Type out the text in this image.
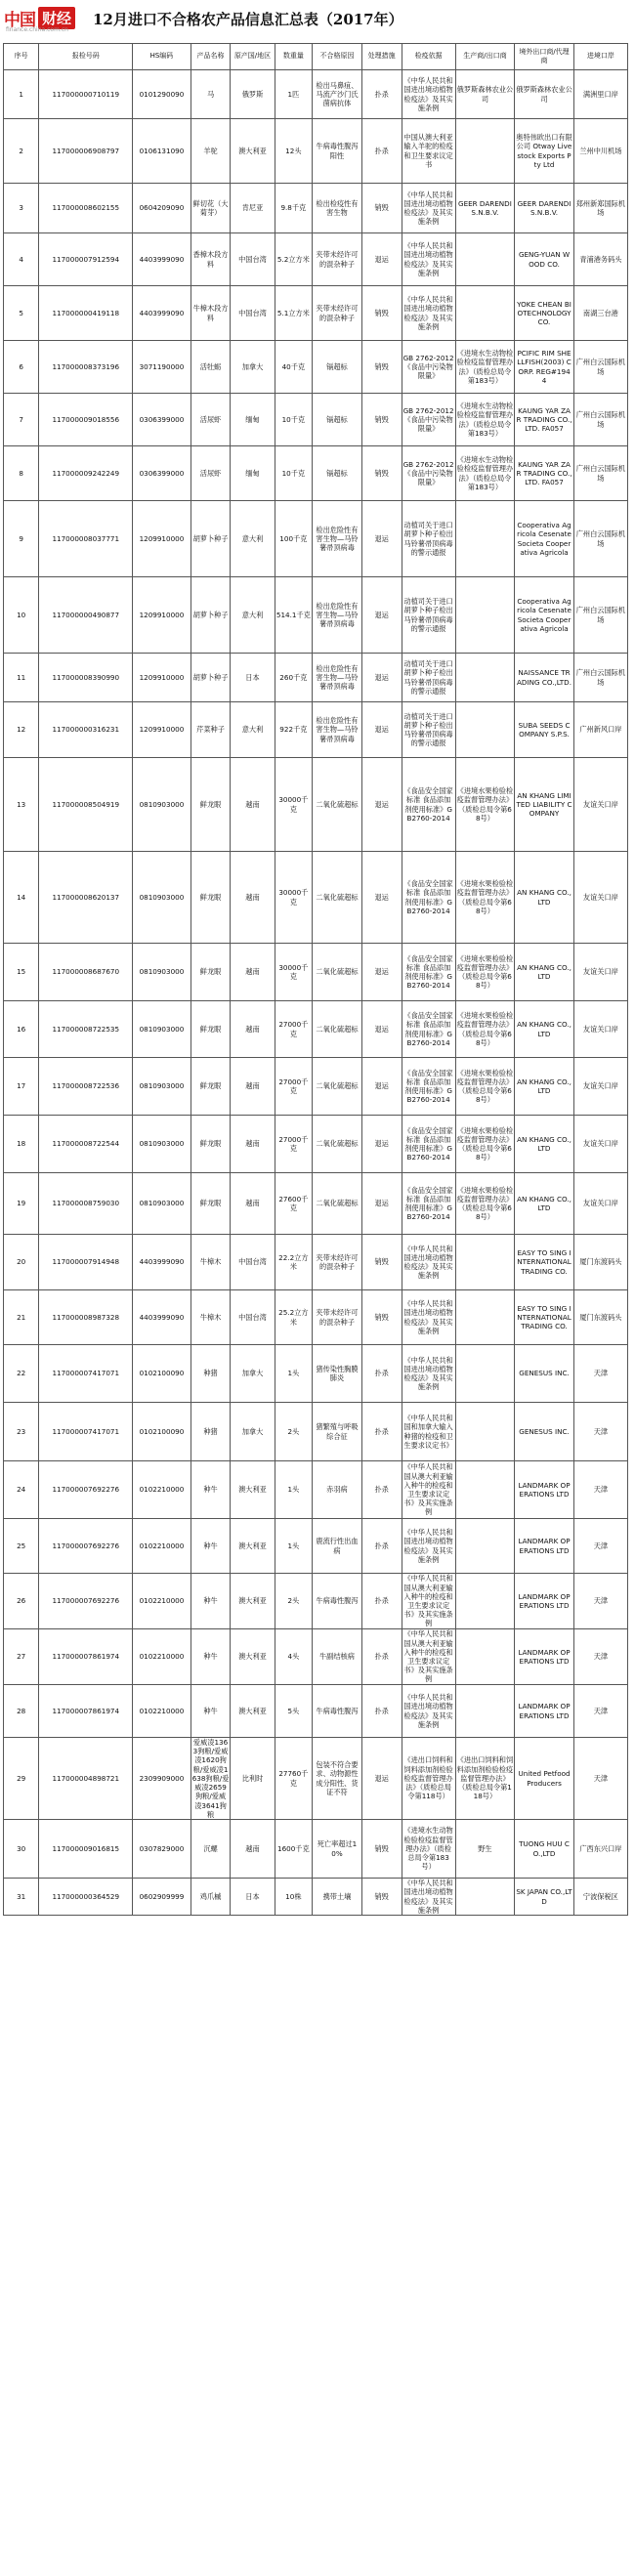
中国 财经
finance.china.com.cn
12月进口不合格农产品信息汇总表（2017年）
序号	报检号码	HS编码	产品名称	原产国/地区	数重量	不合格原因	处理措施	检疫依据	生产商/出口商	境外出口商/代理商	进境口岸
1	117000000710119	0101290090	马	俄罗斯	1匹	检出马鼻疽、马流产沙门氏菌病抗体	扑杀	《中华人民共和国进出境动植物检疫法》及其实施条例	俄罗斯森林农业公司	俄罗斯森林农业公司	满洲里口岸
2	117000006908797	0106131090	羊驼	澳大利亚	12头	牛病毒性腹泻阳性	扑杀	中国从澳大利亚输入羊驼的检疫和卫生要求议定书		奥特伟欧出口有限公司 Otway Livestock Exports Pty Ltd	兰州中川机场
3	117000008602155	0604209090	鲜切花（大菊芽）	肯尼亚	9.8千克	检出检疫性有害生物	销毁	《中华人民共和国进出境动植物检疫法》及其实施条例	GEER DARENDIS.N.B.V.	GEER DARENDIS.N.B.V.	郑州新郑国际机场
4	117000007912594	4403999090	香樟木段方料	中国台湾	5.2立方米	夹带未经许可的混杂种子	退运	《中华人民共和国进出境动植物检疫法》及其实施条例		GENG-YUAN WOOD CO.	青浦港务码头
5	117000000419118	4403999090	牛樟木段方料	中国台湾	5.1立方米	夹带未经许可的混杂种子	销毁	《中华人民共和国进出境动植物检疫法》及其实施条例		YOKE CHEAN BIOTECHNOLOGY CO.	南湖三台港
6	117000008373196	3071190000	活牡蛎	加拿大	40千克	镉超标	销毁	GB 2762-2012《食品中污染物限量》	《进境水生动物检验检疫监督管理办法》（质检总局令第183号）	PCIFIC RIM SHELLFISH(2003) CORP. REG#1944	广州白云国际机场
7	117000009018556	0306399000	活尿虾	缅甸	10千克	镉超标	销毁	GB 2762-2012《食品中污染物限量》	《进境水生动物检验检疫监督管理办法》（质检总局令第183号）	KAUNG YAR ZAR TRADING CO.,LTD. FA057	广州白云国际机场
8	117000009242249	0306399000	活尿虾	缅甸	10千克	镉超标	销毁	GB 2762-2012《食品中污染物限量》	《进境水生动物检验检疫监督管理办法》（质检总局令第183号）	KAUNG YAR ZAR TRADING CO.,LTD. FA057	广州白云国际机场
9	117000008037771	1209910000	胡萝卜种子	意大利	100千克	检出危险性有害生物—马铃薯帚顶病毒	退运	动植司关于进口胡萝卜种子检出马铃薯帚顶病毒的警示通报		Cooperativa Agricola Cesenate Societa Cooperativa Agricola	广州白云国际机场
10	117000000490877	1209910000	胡萝卜种子	意大利	514.1千克	检出危险性有害生物—马铃薯帚顶病毒	退运	动植司关于进口胡萝卜种子检出马铃薯帚顶病毒的警示通报		Cooperativa Agricola Cesenate Societa Cooperativa Agricola	广州白云国际机场
11	117000008390990	1209910000	胡萝卜种子	日本	260千克	检出危险性有害生物—马铃薯帚顶病毒	退运	动植司关于进口胡萝卜种子检出马铃薯帚顶病毒的警示通报		NAISSANCE TRADING CO.,LTD.	广州白云国际机场
12	117000000316231	1209910000	芹菜种子	意大利	922千克	检出危险性有害生物—马铃薯帚顶病毒	退运	动植司关于进口胡萝卜种子检出马铃薯帚顶病毒的警示通报		SUBA SEEDS COMPANY S.P.S.	广州新风口岸
13	117000008504919	0810903000	鲜龙眼	越南	30000千克	二氧化硫超标	退运	《食品安全国家标准 食品添加剂使用标准》GB2760-2014	《进境水果检验检疫监督管理办法》（质检总局令第68号）	AN KHANG LIMITED LIABILITY COMPANY	友谊关口岸
14	117000008620137	0810903000	鲜龙眼	越南	30000千克	二氧化硫超标	退运	《食品安全国家标准 食品添加剂使用标准》GB2760-2014	《进境水果检验检疫监督管理办法》（质检总局令第68号）	AN KHANG CO.,LTD	友谊关口岸
15	117000008687670	0810903000	鲜龙眼	越南	30000千克	二氧化硫超标	退运	《食品安全国家标准 食品添加剂使用标准》GB2760-2014	《进境水果检验检疫监督管理办法》（质检总局令第68号）	AN KHANG CO.,LTD	友谊关口岸
16	117000008722535	0810903000	鲜龙眼	越南	27000千克	二氧化硫超标	退运	《食品安全国家标准 食品添加剂使用标准》GB2760-2014	《进境水果检验检疫监督管理办法》（质检总局令第68号）	AN KHANG CO.,LTD	友谊关口岸
17	117000008722536	0810903000	鲜龙眼	越南	27000千克	二氧化硫超标	退运	《食品安全国家标准 食品添加剂使用标准》GB2760-2014	《进境水果检验检疫监督管理办法》（质检总局令第68号）	AN KHANG CO.,LTD	友谊关口岸
18	117000008722544	0810903000	鲜龙眼	越南	27000千克	二氧化硫超标	退运	《食品安全国家标准 食品添加剂使用标准》GB2760-2014	《进境水果检验检疫监督管理办法》（质检总局令第68号）	AN KHANG CO.,LTD	友谊关口岸
19	117000008759030	0810903000	鲜龙眼	越南	27600千克	二氧化硫超标	退运	《食品安全国家标准 食品添加剂使用标准》GB2760-2014	《进境水果检验检疫监督管理办法》（质检总局令第68号）	AN KHANG CO.,LTD	友谊关口岸
20	117000007914948	4403999090	牛樟木	中国台湾	22.2立方米	夹带未经许可的混杂种子	销毁	《中华人民共和国进出境动植物检疫法》及其实施条例		EASY TO SING INTERNATIONAL TRADING CO.	厦门东渡码头
21	117000008987328	4403999090	牛樟木	中国台湾	25.2立方米	夹带未经许可的混杂种子	销毁	《中华人民共和国进出境动植物检疫法》及其实施条例		EASY TO SING INTERNATIONAL TRADING CO.	厦门东渡码头
22	117000007417071	0102100090	种猪	加拿大	1头	猪传染性胸膜肺炎	扑杀	《中华人民共和国进出境动植物检疫法》及其实施条例		GENESUS INC.	天津
23	117000007417071	0102100090	种猪	加拿大	2头	猪繁殖与呼吸综合征	扑杀	《中华人民共和国和加拿大输入种猪的检疫和卫生要求议定书》		GENESUS INC.	天津
24	117000007692276	0102210000	种牛	澳大利亚	1头	赤羽病	扑杀	《中华人民共和国从澳大利亚输入种牛的检疫和卫生要求议定书》及其实施条例		LANDMARK OPERATIONS LTD	天津
25	117000007692276	0102210000	种牛	澳大利亚	1头	鹿流行性出血病	扑杀	《中华人民共和国进出境动植物检疫法》及其实施条例		LANDMARK OPERATIONS LTD	天津
26	117000007692276	0102210000	种牛	澳大利亚	2头	牛病毒性腹泻	扑杀	《中华人民共和国从澳大利亚输入种牛的检疫和卫生要求议定书》及其实施条例		LANDMARK OPERATIONS LTD	天津
27	117000007861974	0102210000	种牛	澳大利亚	4头	牛副结核病	扑杀	《中华人民共和国从澳大利亚输入种牛的检疫和卫生要求议定书》及其实施条例		LANDMARK OPERATIONS LTD	天津
28	117000007861974	0102210000	种牛	澳大利亚	5头	牛病毒性腹泻	扑杀	《中华人民共和国进出境动植物检疫法》及其实施条例		LANDMARK OPERATIONS LTD	天津
29	117000004898721	2309909000	爱威凌1363狗粮/爱威凌1620狗粮/爱威凌1638狗粮/爱威凌2659狗粮/爱威凌3641狗粮	比利时	27760千克	包装不符合要求、动物源性成分阳性、货证不符	退运	《进出口饲料和饲料添加剂检验检疫监督管理办法》（质检总局令第118号）	《进出口饲料和饲料添加剂检验检疫监督管理办法》（质检总局令第118号）	United Petfood Producers	天津
30	117000009016815	0307829000	沉螺	越南	1600千克	死亡率超过10%	销毁	《进境水生动物检验检疫监督管理办法》（质检总局令第183号）	野生	TUONG HUU CO.,LTD	广西东兴口岸
31	117000000364529	0602909999	鸡爪槭	日本	10株	携带土壤	销毁	《中华人民共和国进出境动植物检疫法》及其实施条例		SK JAPAN CO.,LTD	宁波保税区
